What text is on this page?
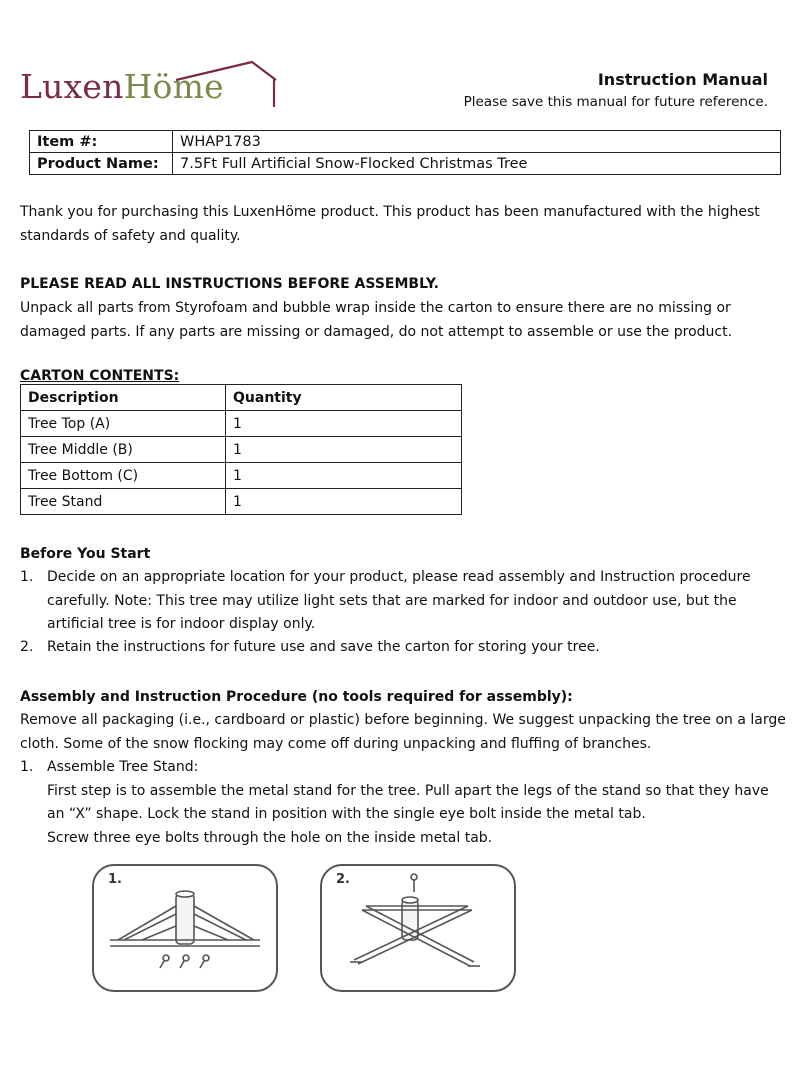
LuxenHöme	Instruction Manual
Please save this manual for future reference.
Item #:	WHAP1783
Product Name:	7.5Ft Full Artificial Snow-Flocked Christmas Tree
Thank you for purchasing this LuxenHöme product. This product has been manufactured with the highest standards of safety and quality.
PLEASE READ ALL INSTRUCTIONS BEFORE ASSEMBLY.
Unpack all parts from Styrofoam and bubble wrap inside the carton to ensure there are no missing or damaged parts. If any parts are missing or damaged, do not attempt to assemble or use the product.
CARTON CONTENTS:
Description	Quantity
Tree Top (A)	1
Tree Middle (B)	1
Tree Bottom (C)	1
Tree Stand	1
Before You Start
1. Decide on an appropriate location for your product, please read assembly and Instruction procedure carefully. Note: This tree may utilize light sets that are marked for indoor and outdoor use, but the artificial tree is for indoor display only.
2. Retain the instructions for future use and save the carton for storing your tree.
Assembly and Instruction Procedure (no tools required for assembly):
Remove all packaging (i.e., cardboard or plastic) before beginning. We suggest unpacking the tree on a large cloth. Some of the snow flocking may come off during unpacking and fluffing of branches.
1. Assemble Tree Stand:
First step is to assemble the metal stand for the tree. Pull apart the legs of the stand so that they have an “X” shape. Lock the stand in position with the single eye bolt inside the metal tab.
Screw three eye bolts through the hole on the inside metal tab.
1.	2.
